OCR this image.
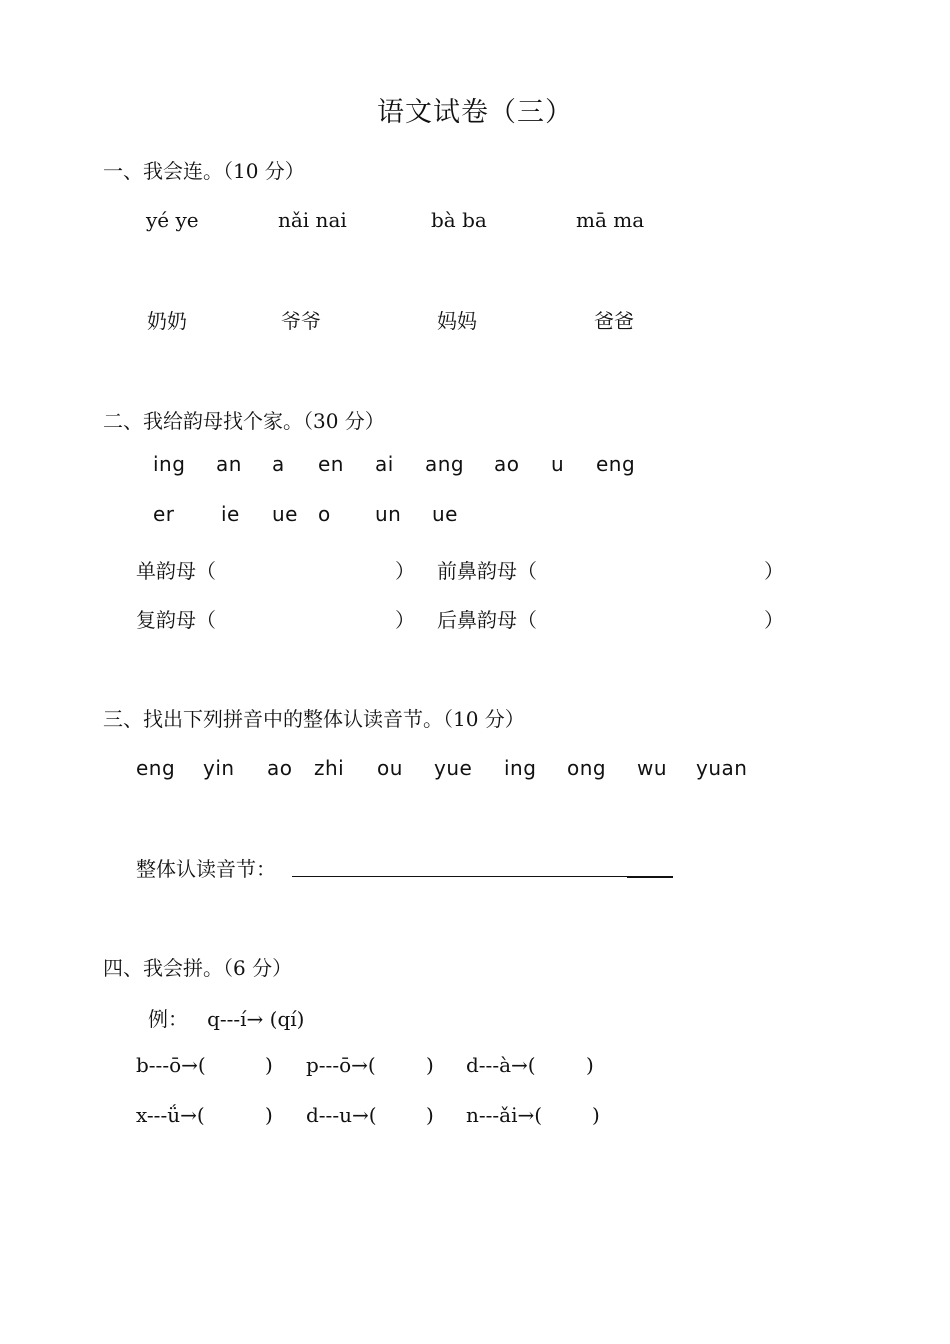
语文试卷（三）
一、我会连。（10 分）
yé ye	nǎi nai	bà ba	mā ma
奶奶	爷爷	妈妈	爸爸
二、我给韵母找个家。（30 分）
ing an a en ai ang ao u eng
er ie ue o un ue
单韵母（	） 前鼻韵母（	）
复韵母（	） 后鼻韵母（	）
三、找出下列拼音中的整体认读音节。（10 分）
eng yin ao zhi ou yue ing ong wu yuan
整体认读音节：
四、我会拼。（6 分）
例：   q---í→ (qí)
b---ō→(	) p---ō→(	) d---à→(	)
x---ǘ→(	) d---u→( ) n---ǎi→( )
